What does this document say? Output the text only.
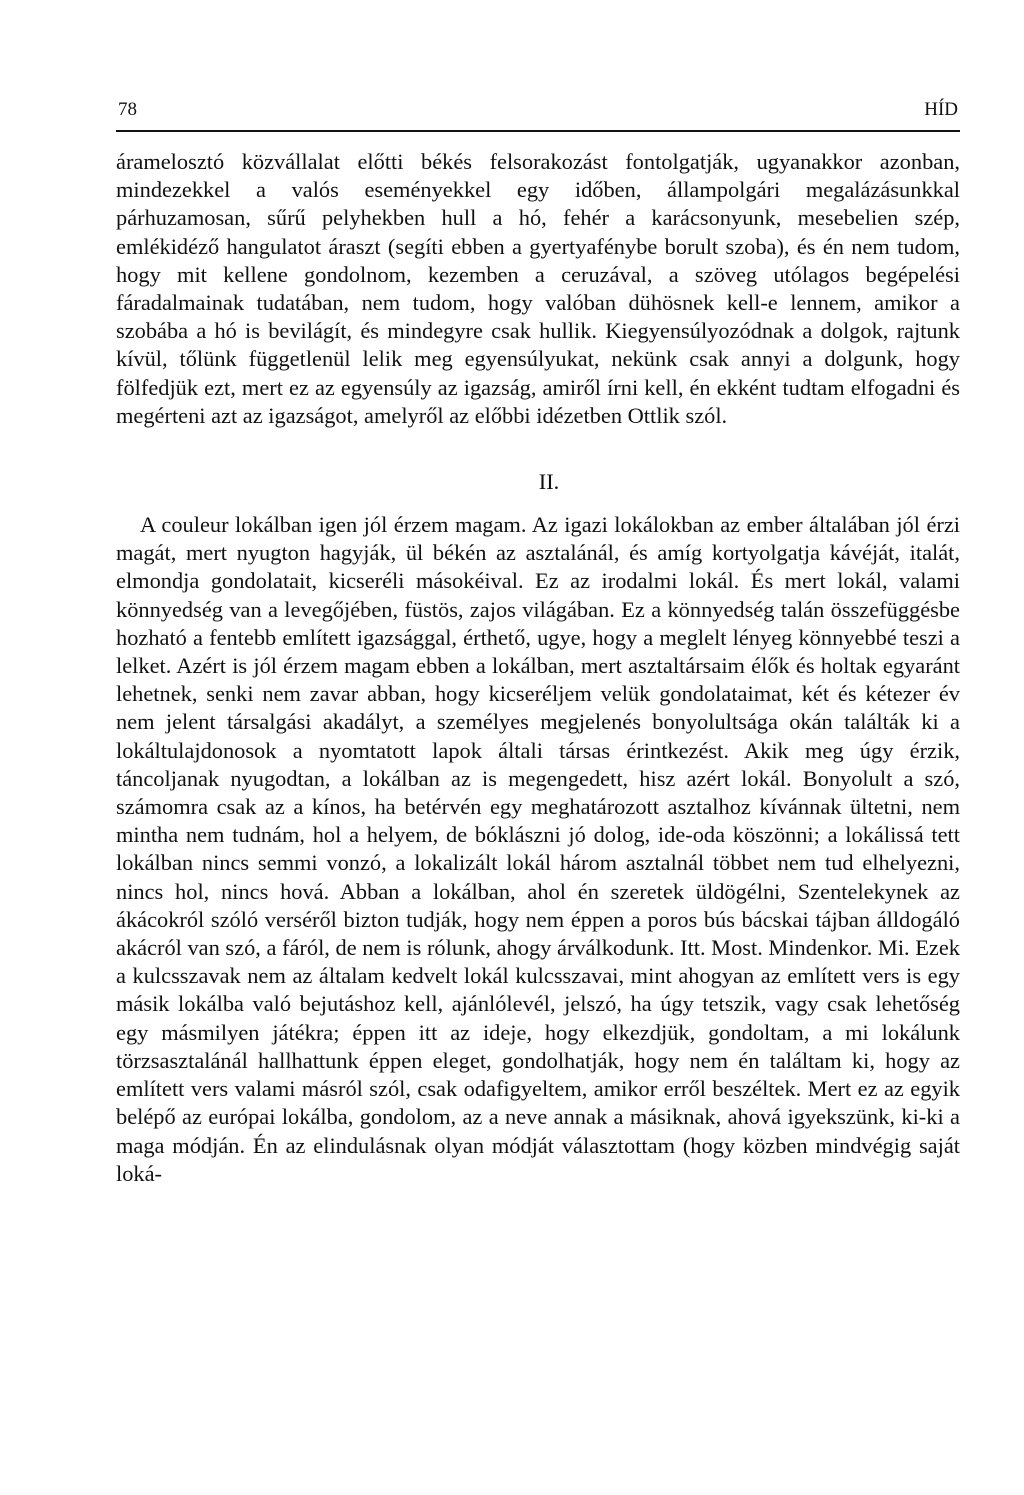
78	HÍD

áramelosztó közvállalat előtti békés felsorakozást fontolgatják, ugyanakkor azonban, mindezekkel a valós eseményekkel egy időben, állampolgári megalázásunkkal párhuzamosan, sűrű pelyhekben hull a hó, fehér a karácsonyunk, mesebelien szép, emlékidéző hangulatot áraszt (segíti ebben a gyertyafénybe borult szoba), és én nem tudom, hogy mit kellene gondolnom, kezemben a ceruzával, a szöveg utólagos begépelési fáradalmainak tudatában, nem tudom, hogy valóban dühösnek kell-e lennem, amikor a szobába a hó is bevilágít, és mindegyre csak hullik. Kiegyensúlyozódnak a dolgok, rajtunk kívül, tőlünk függetlenül lelik meg egyensúlyukat, nekünk csak annyi a dolgunk, hogy fölfedjük ezt, mert ez az egyensúly az igazság, amiről írni kell, én ekként tudtam elfogadni és megérteni azt az igazságot, amelyről az előbbi idézetben Ottlik szól.

II.

A couleur lokálban igen jól érzem magam. Az igazi lokálokban az ember általában jól érzi magát, mert nyugton hagyják, ül békén az asztalánál, és amíg kortyolgatja kávéját, italát, elmondja gondolatait, kicseréli másokéival. Ez az irodalmi lokál. És mert lokál, valami könnyedség van a levegőjében, füstös, zajos világában. Ez a könnyedség talán összefüggésbe hozható a fentebb említett igazsággal, érthető, ugye, hogy a meglelt lényeg könnyebbé teszi a lelket. Azért is jól érzem magam ebben a lokálban, mert asztaltársaim élők és holtak egyaránt lehetnek, senki nem zavar abban, hogy kicseréljem velük gondolataimat, két és kétezer év nem jelent társalgási akadályt, a személyes megjelenés bonyolultsága okán találták ki a lokáltulajdonosok a nyomtatott lapok általi társas érintkezést. Akik meg úgy érzik, táncoljanak nyugodtan, a lokálban az is megengedett, hisz azért lokál. Bonyolult a szó, számomra csak az a kínos, ha betérvén egy meghatározott asztalhoz kívánnak ültetni, nem mintha nem tudnám, hol a helyem, de bóklászni jó dolog, ide-oda köszönni; a lokálissá tett lokálban nincs semmi vonzó, a lokalizált lokál három asztalnál többet nem tud elhelyezni, nincs hol, nincs hová. Abban a lokálban, ahol én szeretek üldögélni, Szentelekynek az ákácokról szóló verséről bizton tudják, hogy nem éppen a poros bús bácskai tájban álldogáló akácról van szó, a fáról, de nem is rólunk, ahogy árválkodunk. Itt. Most. Mindenkor. Mi. Ezek a kulcsszavak nem az általam kedvelt lokál kulcsszavai, mint ahogyan az említett vers is egy másik lokálba való bejutáshoz kell, ajánlólevél, jelszó, ha úgy tetszik, vagy csak lehetőség egy másmilyen játékra; éppen itt az ideje, hogy elkezdjük, gondoltam, a mi lokálunk törzsasztalánál hallhattunk éppen eleget, gondolhatják, hogy nem én találtam ki, hogy az említett vers valami másról szól, csak odafigyeltem, amikor erről beszéltek. Mert ez az egyik belépő az európai lokálba, gondolom, az a neve annak a másiknak, ahová igyekszünk, ki-ki a maga módján. Én az elindulásnak olyan módját választottam (hogy közben mindvégig saját loká-
